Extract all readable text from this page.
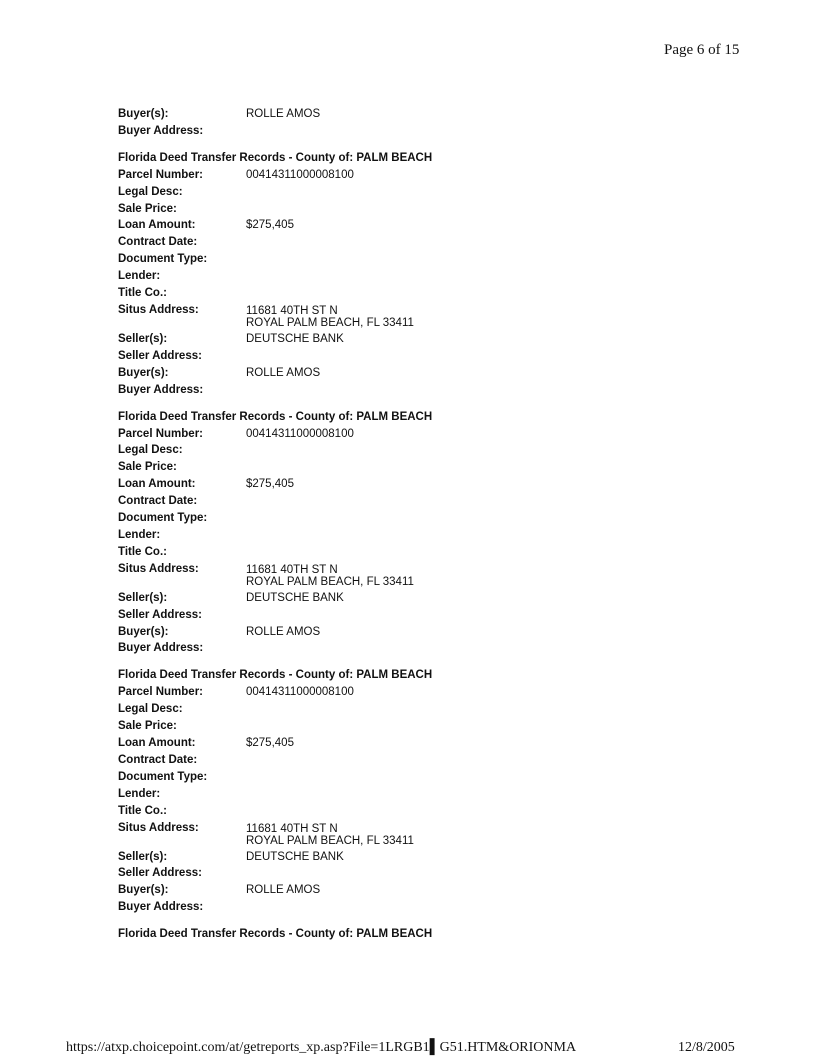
Page 6 of 15
Buyer(s):	ROLLE AMOS
Buyer Address:
Florida Deed Transfer Records - County of: PALM BEACH
Parcel Number:	00414311000008100
Legal Desc:
Sale Price:
Loan Amount:	$275,405
Contract Date:
Document Type:
Lender:
Title Co.:
Situs Address:	11681 40TH ST N
ROYAL PALM BEACH, FL 33411
Seller(s):	DEUTSCHE BANK
Seller Address:
Buyer(s):	ROLLE AMOS
Buyer Address:
Florida Deed Transfer Records - County of: PALM BEACH
Parcel Number:	00414311000008100
Legal Desc:
Sale Price:
Loan Amount:	$275,405
Contract Date:
Document Type:
Lender:
Title Co.:
Situs Address:	11681 40TH ST N
ROYAL PALM BEACH, FL 33411
Seller(s):	DEUTSCHE BANK
Seller Address:
Buyer(s):	ROLLE AMOS
Buyer Address:
Florida Deed Transfer Records - County of: PALM BEACH
Parcel Number:	00414311000008100
Legal Desc:
Sale Price:
Loan Amount:	$275,405
Contract Date:
Document Type:
Lender:
Title Co.:
Situs Address:	11681 40TH ST N
ROYAL PALM BEACH, FL 33411
Seller(s):	DEUTSCHE BANK
Seller Address:
Buyer(s):	ROLLE AMOS
Buyer Address:
Florida Deed Transfer Records - County of: PALM BEACH
https://atxp.choicepoint.com/at/getreports_xp.asp?File=1LRGB1▌G51.HTM&ORIONMA	12/8/2005
